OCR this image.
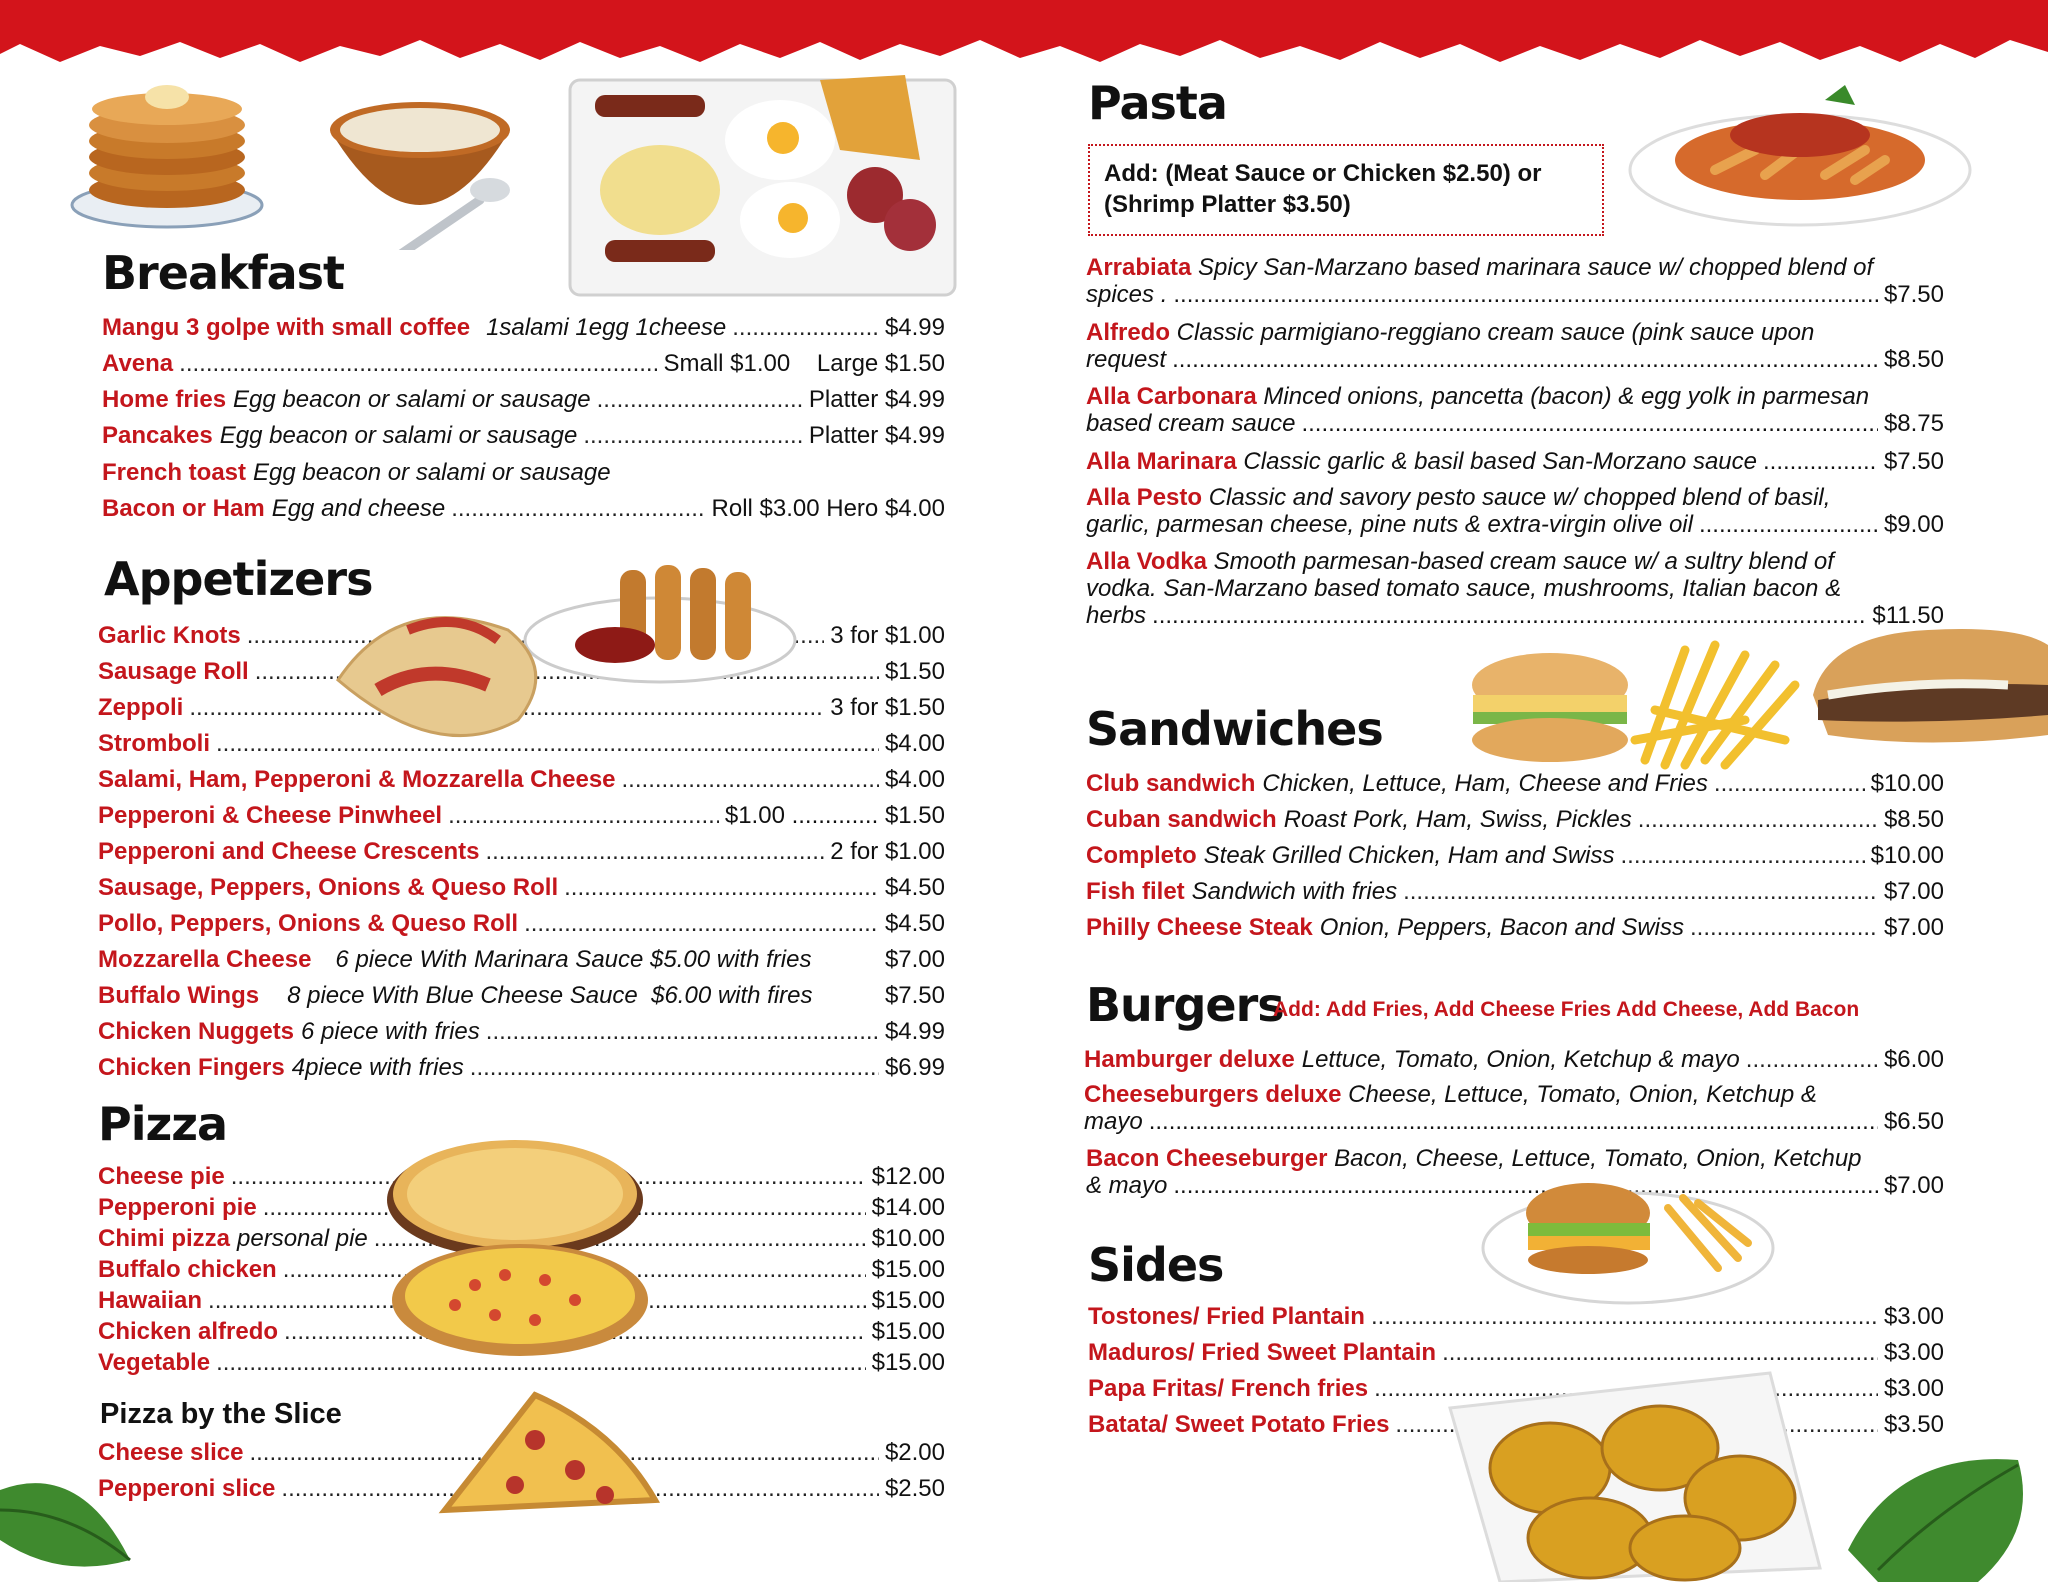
Breakfast
Mangu 3 golpe with small coffee 1salami 1egg 1cheese .....	$4.99
Avena .....	Small $1.00    Large $1.50
Home fries Egg beacon or salami or sausage .....	Platter $4.99
Pancakes Egg beacon or salami or sausage .....	Platter $4.99
French toast Egg beacon or salami or sausage
Bacon or Ham Egg and cheese .....	Roll $3.00 Hero $4.00
Appetizers
Garlic Knots .....	3 for $1.00
Sausage Roll .....	$1.50
Zeppoli .....	3 for $1.50
Stromboli .....	$4.00
Salami, Ham, Pepperoni & Mozzarella Cheese .....	$4.00
Pepperoni & Cheese Pinwheel .....	$1.00 ............. $1.50
Pepperoni and Cheese Crescents .....	2 for $1.00
Sausage, Peppers, Onions & Queso Roll .....	$4.50
Pollo, Peppers, Onions & Queso Roll .....	$4.50
Mozzarella Cheese 6 piece With Marinara Sauce $5.00 with fries	$7.00
Buffalo Wings 8 piece With Blue Cheese Sauce  $6.00 with fires	$7.50
Chicken Nuggets 6 piece with fries .....	$4.99
Chicken Fingers 4piece with fries .....	$6.99
Pizza
Cheese pie .....	$12.00
Pepperoni pie .....	$14.00
Chimi pizza personal pie .....	$10.00
Buffalo chicken .....	$15.00
Hawaiian .....	$15.00
Chicken alfredo .....	$15.00
Vegetable .....	$15.00
Pizza by the Slice
Cheese slice .....	$2.00
Pepperoni slice .....	$2.50
Pasta
Add: (Meat Sauce or Chicken $2.50) or (Shrimp Platter $3.50)
Arrabiata Spicy San-Marzano based marinara sauce w/ chopped blend of
spices . .....	$7.50
Alfredo Classic parmigiano-reggiano cream sauce (pink sauce upon
request .....	$8.50
Alla Carbonara Minced onions, pancetta (bacon) & egg yolk in parmesan
based cream sauce .....	$8.75
Alla Marinara
Classic garlic & basil based San-Morzano sauce .....	$7.50
Alla Pesto Classic and savory pesto sauce w/ chopped blend of basil,
garlic, parmesan cheese, pine nuts & extra-virgin olive oil .....	$9.00
Alla Vodka Smooth parmesan-based cream sauce w/ a sultry blend of
vodka. San-Marzano based tomato sauce, mushrooms, Italian bacon &
herbs .....	$11.50
Sandwiches
Club sandwich Chicken, Lettuce, Ham, Cheese and Fries .....	$10.00
Cuban sandwich Roast Pork, Ham, Swiss, Pickles .....	$8.50
Completo Steak Grilled Chicken, Ham and Swiss .....	$10.00
Fish filet Sandwich with fries .....	$7.00
Philly Cheese Steak Onion, Peppers, Bacon and Swiss .....	$7.00
Burgers
Add: Add Fries, Add Cheese Fries Add Cheese, Add Bacon
Hamburger deluxe Lettuce, Tomato, Onion, Ketchup & mayo .....	$6.00
Cheeseburgers deluxe Cheese, Lettuce, Tomato, Onion, Ketchup &
mayo .....	$6.50
Bacon Cheeseburger Bacon, Cheese, Lettuce, Tomato, Onion, Ketchup
& mayo .....	$7.00
Sides
Tostones/ Fried Plantain .....	$3.00
Maduros/ Fried Sweet Plantain .....	$3.00
Papa Fritas/ French fries .....	$3.00
Batata/ Sweet Potato Fries .....	$3.50
